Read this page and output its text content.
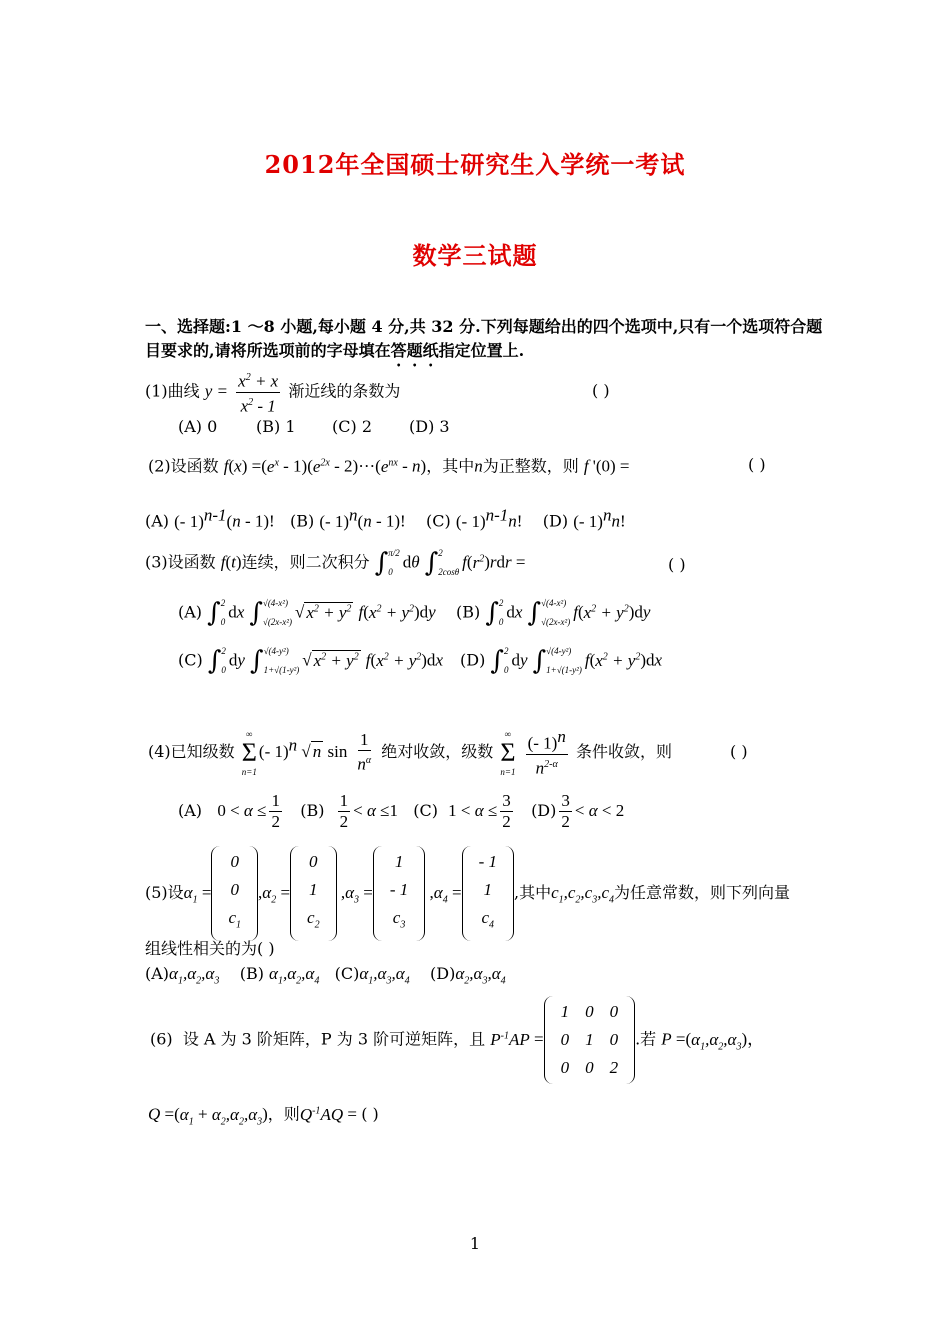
2012年全国硕士研究生入学统一考试
数学三试题
一、选择题:1 ～8 小题,每小题 4 分,共 32 分.下列每题给出的四个选项中,只有一个选项符合题
目要求的,请将所选项前的字母填在答题纸指定位置上.
(1)曲线 $y = \frac{x^2 + x}{x^2 - 1}$ 渐近线的条数为	( )
(A) 0 (B) 1 (C) 2 (D) 3
(2)设函数 $f(x) =(e^x - 1)(e^{2x} - 2)\cdot\cdot\cdot(e^{nx} - n)$，其中n为正整数，则 f '(0) =	( )
(A) (- 1)$^{n-1}$(n - 1)! (B) (- 1)$^n$(n - 1)! (C) (- 1)$^{n-1}$n! (D) (- 1)$^n$n!
(3)设函数 f(t)连续，则二次积分 ∫ π/2
0
dθ ∫ 2
2cosθ
$f(r^2)rdr$ =	( )
(A) ∫ 2
0
dx ∫ √(4-x²)
√(2x-x²)
√ $x^2 + y^2$ $f(x^2 + y^2)dy$ (B) ∫ 2
0
dx ∫ √(4-x²)
√(2x-x²)
$f(x^2 + y^2)dy$
(C) ∫ 2
0
dy ∫ √(4-y²)
1+√(1-y²)
√ $x^2 + y^2$ $f(x^2 + y^2)dx$ (D) ∫ 2
0
dy ∫ √(4-y²)
1+√(1-y²)
$f(x^2 + y^2)dx$
(4)已知级数
∞
Σ
n=1
(- 1)$^n$ √ n $\sin \frac{1}{n^\alpha}$ 绝对收敛，级数
∞
Σ
n=1
$\frac{(- 1)^n}{n^{2-\alpha}}$ 条件收敛，则	( )
(A) $0 < \alpha \le \frac{1}{2} (B) \frac{1}{2} < \alpha \le 1$ (C) $1 < \alpha \le \frac{3}{2} (D) \frac{3}{2} < \alpha < 2$
(5)设$\alpha_1$ =
0
0
$c_1$
$,\alpha_2$ =
0
1
$c_2$
$,\alpha_3$ =
1
- 1
$c_3$
$,\alpha_4$ =
- 1
1
$c_4$
,其中$c_1,c_2,c_3,c_4$为任意常数，则下列向量
组线性相关的为( )
$(A)\alpha_1,\alpha_2,\alpha_3$ (B) $\alpha_1,\alpha_2,\alpha_4$ $(C)\alpha_1,\alpha_3,\alpha_4$ $(D)\alpha_2,\alpha_3,\alpha_4$
(6) 设 A 为 3 阶矩阵，P 为 3 阶可逆矩阵，且 $P^{-1}AP$ =
1	0	0
0	1	0
0	0	2
.若 $P =(\alpha_1,\alpha_2,\alpha_3)$，
$Q =(\alpha_1 + \alpha_2,\alpha_2,\alpha_3)$，则$Q^{-1}AQ$ = ( )
1
